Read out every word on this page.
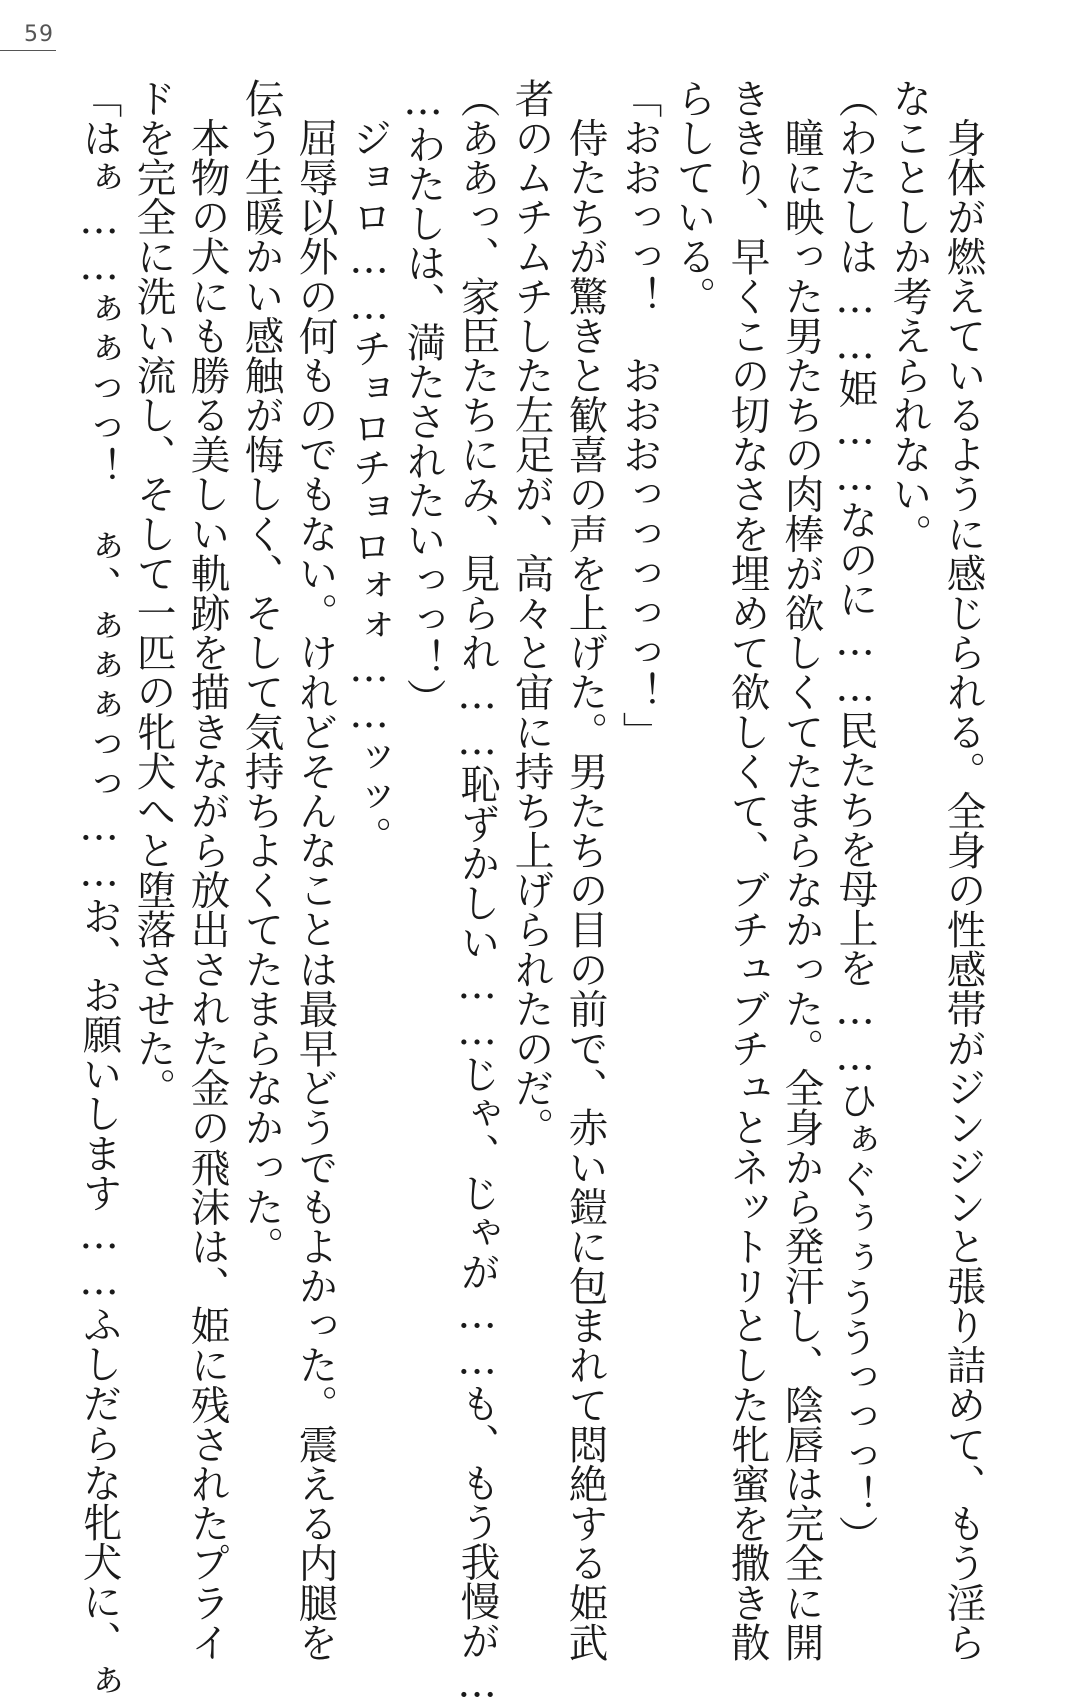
59
　身体が燃えているように感じられる。全身の性感帯がジンジンと張り詰めて、もう淫ら
なことしか考えられない。
（わたしは……姫……なのに……民たちを母上を……ひぁぐぅぅううっっっ！）
　瞳に映った男たちの肉棒が欲しくてたまらなかった。全身から発汗し、陰唇は完全に開
ききり、早くこの切なさを埋めて欲しくて、ブチュブチュとネットリとした牝蜜を撒き散
らしている。
「おおっっ！　おおおっっっっっ！」
　侍たちが驚きと歓喜の声を上げた。男たちの目の前で、赤い鎧に包まれて悶絶する姫武
者のムチムチした左足が、高々と宙に持ち上げられたのだ。
（ああっ、家臣たちにみ、見られ……恥ずかしい……じゃ、じゃが……も、もう我慢が…
…わたしは、満たされたいっっ！）
　ジョロ……チョロチョロォォ……ッッ。
　屈辱以外の何ものでもない。けれどそんなことは最早どうでもよかった。震える内腿を
伝う生暖かい感触が悔しく、そして気持ちよくてたまらなかった。
　本物の犬にも勝る美しい軌跡を描きながら放出された金の飛沫は、姫に残されたプライ
ドを完全に洗い流し、そして一匹の牝犬へと堕落させた。
「はぁ……ぁぁっっ！　ぁ、ぁぁぁっっ……お、お願いします……ふしだらな牝犬に、ぁ
